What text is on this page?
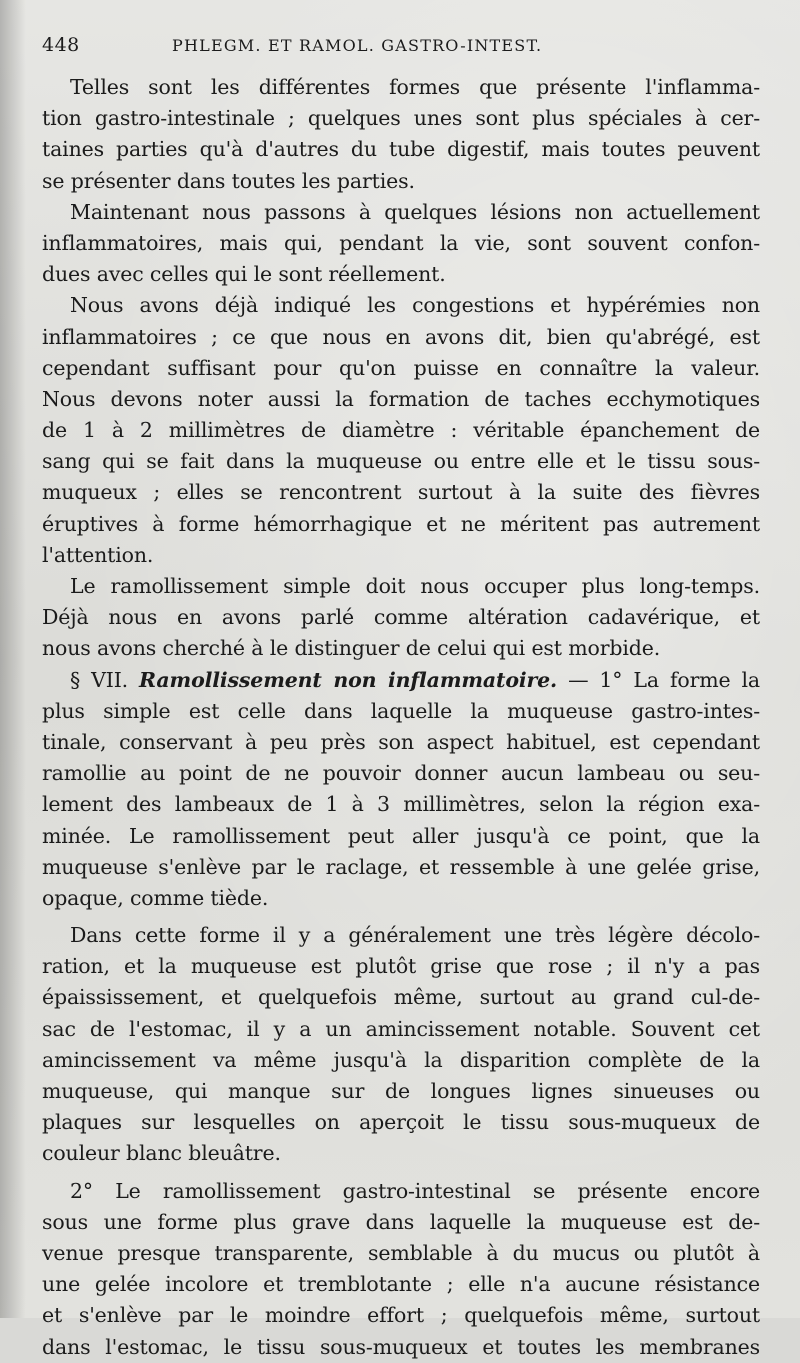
448	PHLEGM. ET RAMOL. GASTRO-INTEST.
Telles sont les différentes formes que présente l'inflamma-
tion gastro-intestinale ; quelques unes sont plus spéciales à cer-
taines parties qu'à d'autres du tube digestif, mais toutes peuvent
se présenter dans toutes les parties.
Maintenant nous passons à quelques lésions non actuellement
inflammatoires, mais qui, pendant la vie, sont souvent confon-
dues avec celles qui le sont réellement.
Nous avons déjà indiqué les congestions et hypérémies non
inflammatoires ; ce que nous en avons dit, bien qu'abrégé, est
cependant suffisant pour qu'on puisse en connaître la valeur.
Nous devons noter aussi la formation de taches ecchymotiques
de 1 à 2 millimètres de diamètre : véritable épanchement de
sang qui se fait dans la muqueuse ou entre elle et le tissu sous-
muqueux ; elles se rencontrent surtout à la suite des fièvres
éruptives à forme hémorrhagique et ne méritent pas autrement
l'attention.
Le ramollissement simple doit nous occuper plus long-temps.
Déjà nous en avons parlé comme altération cadavérique, et
nous avons cherché à le distinguer de celui qui est morbide.
§ VII. Ramollissement non inflammatoire. — 1° La forme la
plus simple est celle dans laquelle la muqueuse gastro-intes-
tinale, conservant à peu près son aspect habituel, est cependant
ramollie au point de ne pouvoir donner aucun lambeau ou seu-
lement des lambeaux de 1 à 3 millimètres, selon la région exa-
minée. Le ramollissement peut aller jusqu'à ce point, que la
muqueuse s'enlève par le raclage, et ressemble à une gelée grise,
opaque, comme tiède.
Dans cette forme il y a généralement une très légère décolo-
ration, et la muqueuse est plutôt grise que rose ; il n'y a pas
épaississement, et quelquefois même, surtout au grand cul-de-
sac de l'estomac, il y a un amincissement notable. Souvent cet
amincissement va même jusqu'à la disparition complète de la
muqueuse, qui manque sur de longues lignes sinueuses ou
plaques sur lesquelles on aperçoit le tissu sous-muqueux de
couleur blanc bleuâtre.
2° Le ramollissement gastro-intestinal se présente encore
sous une forme plus grave dans laquelle la muqueuse est de-
venue presque transparente, semblable à du mucus ou plutôt à
une gelée incolore et tremblotante ; elle n'a aucune résistance
et s'enlève par le moindre effort ; quelquefois même, surtout
dans l'estomac, le tissu sous-muqueux et toutes les membranes
